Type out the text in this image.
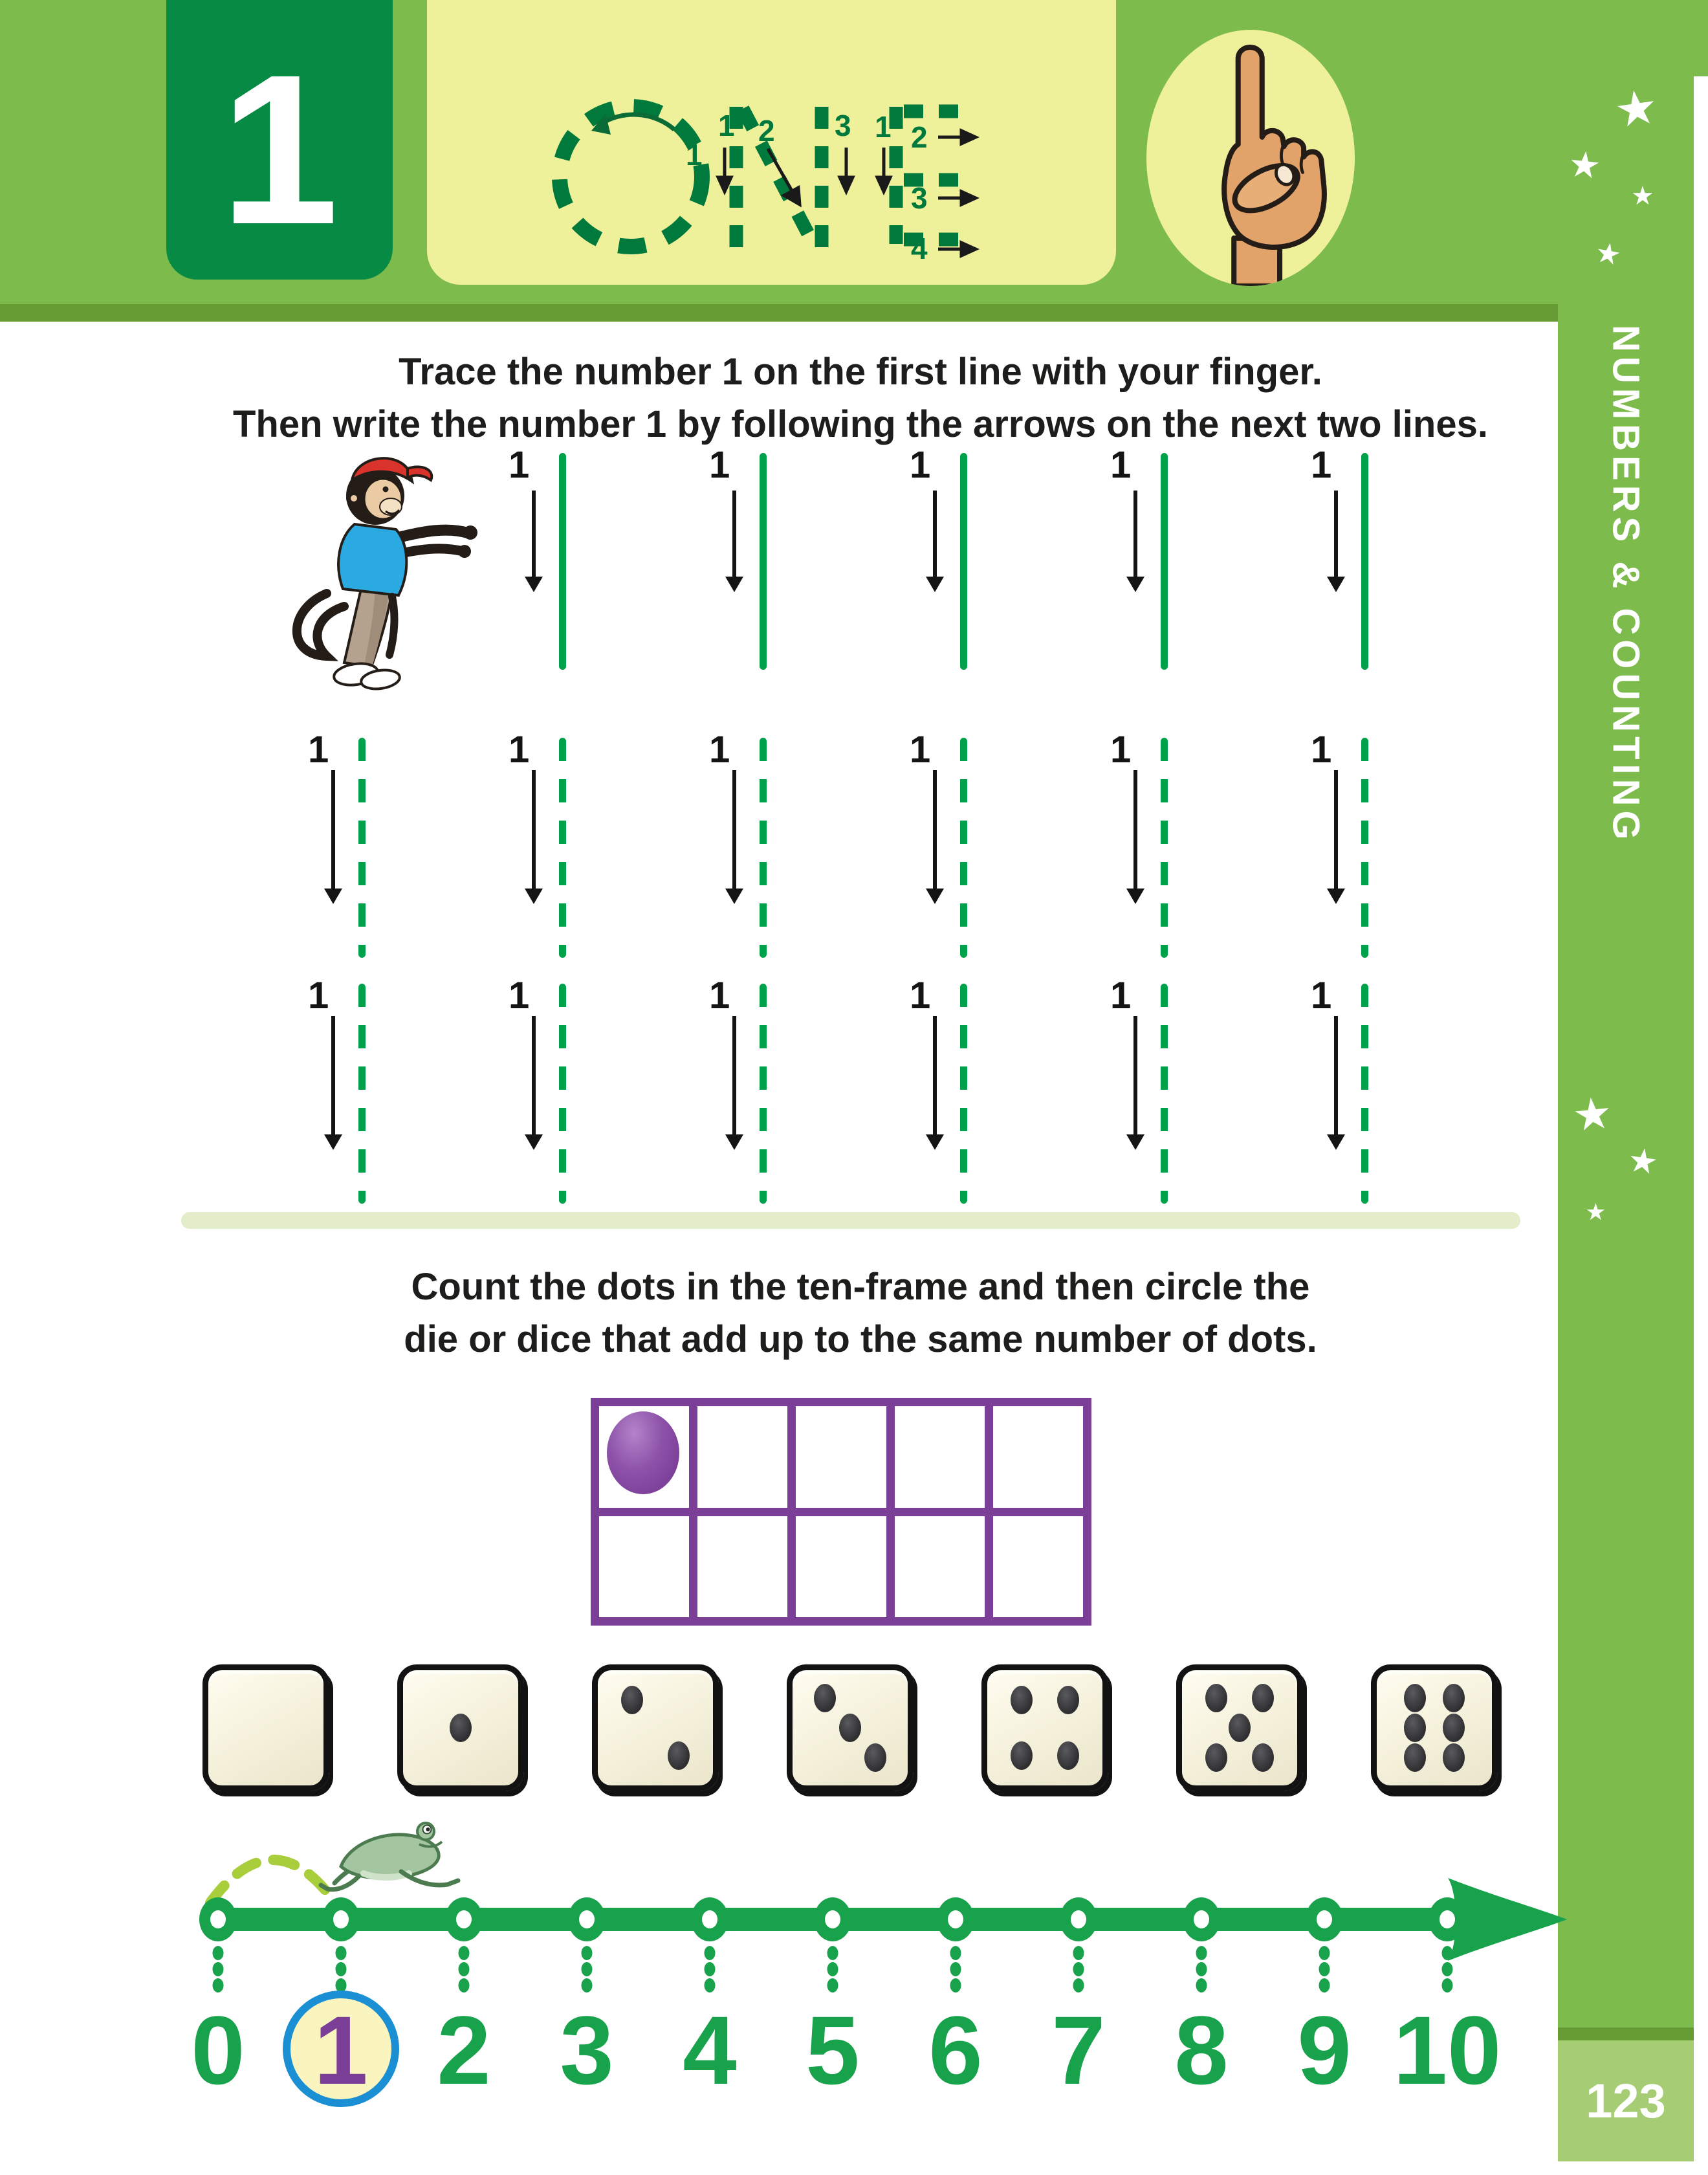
1	1
1 2 3 1 2
3
4
★
★
★
★
NUMBERS & COUNTING
123
★
★
★
Trace the number 1 on the first line with your finger.
Then write the number 1 by following the arrows on the next two lines.
1	1	1	1	1
1	1	1	1	1	1
1	1	1	1	1	1
Count the dots in the ten-frame and then circle the
die or dice that add up to the same number of dots.
0 1 2 3 4 5 6 7 8 9 10
